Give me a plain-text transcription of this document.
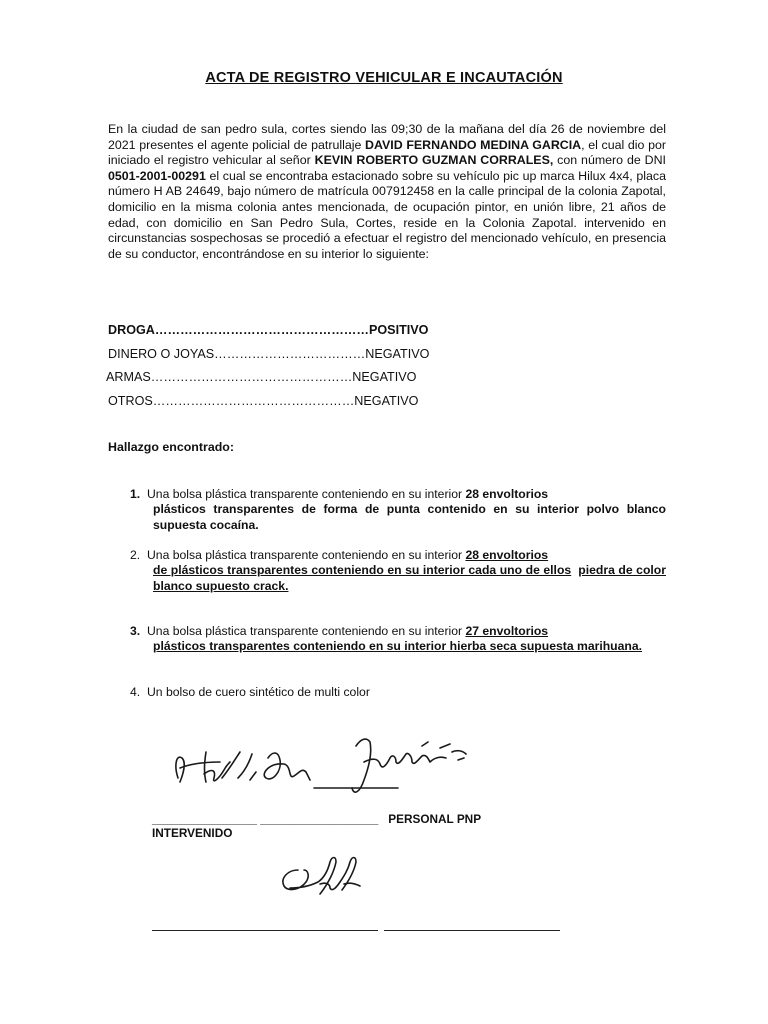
ACTA DE REGISTRO VEHICULAR E INCAUTACIÓN
En la ciudad de san pedro sula, cortes siendo las 09;30 de la mañana del día 26 de noviembre del 2021 presentes el agente policial de patrullaje DAVID FERNANDO MEDINA GARCIA, el cual dio por iniciado el registro vehicular al señor KEVIN ROBERTO GUZMAN CORRALES, con número de DNI 0501-2001-00291 el cual se encontraba estacionado sobre su vehículo pic up marca Hilux 4x4, placa número H AB 24649, bajo número de matrícula 007912458 en la calle principal de la colonia Zapotal, domicilio en la misma colonia antes mencionada, de ocupación pintor, en unión libre, 21 años de edad, con domicilio en San Pedro Sula, Cortes, reside en la Colonia Zapotal. intervenido en circunstancias sospechosas se procedió a efectuar el registro del mencionado vehículo, en presencia de su conductor, encontrándose en su interior lo siguiente:
DROGA……………………………………………POSITIVO
DINERO O JOYAS………………………………NEGATIVO
ARMAS…………………………………………NEGATIVO
OTROS…………………………………………NEGATIVO
Hallazgo encontrado:
1. Una bolsa plástica transparente conteniendo en su interior 28 envoltorios
plásticos transparentes de forma de punta contenido en su interior polvo blanco supuesta cocaína.
2. Una bolsa plástica transparente conteniendo en su interior 28 envoltorios
de plásticos transparentes conteniendo en su interior cada uno de ellos piedra de color blanco supuesto crack.
3. Una bolsa plástica transparente conteniendo en su interior 27 envoltorios
plásticos transparentes conteniendo en su interior hierba seca supuesta marihuana.
4. Un bolso de cuero sintético de multi color
________________ __________________ PERSONAL PNP
INTERVENIDO
